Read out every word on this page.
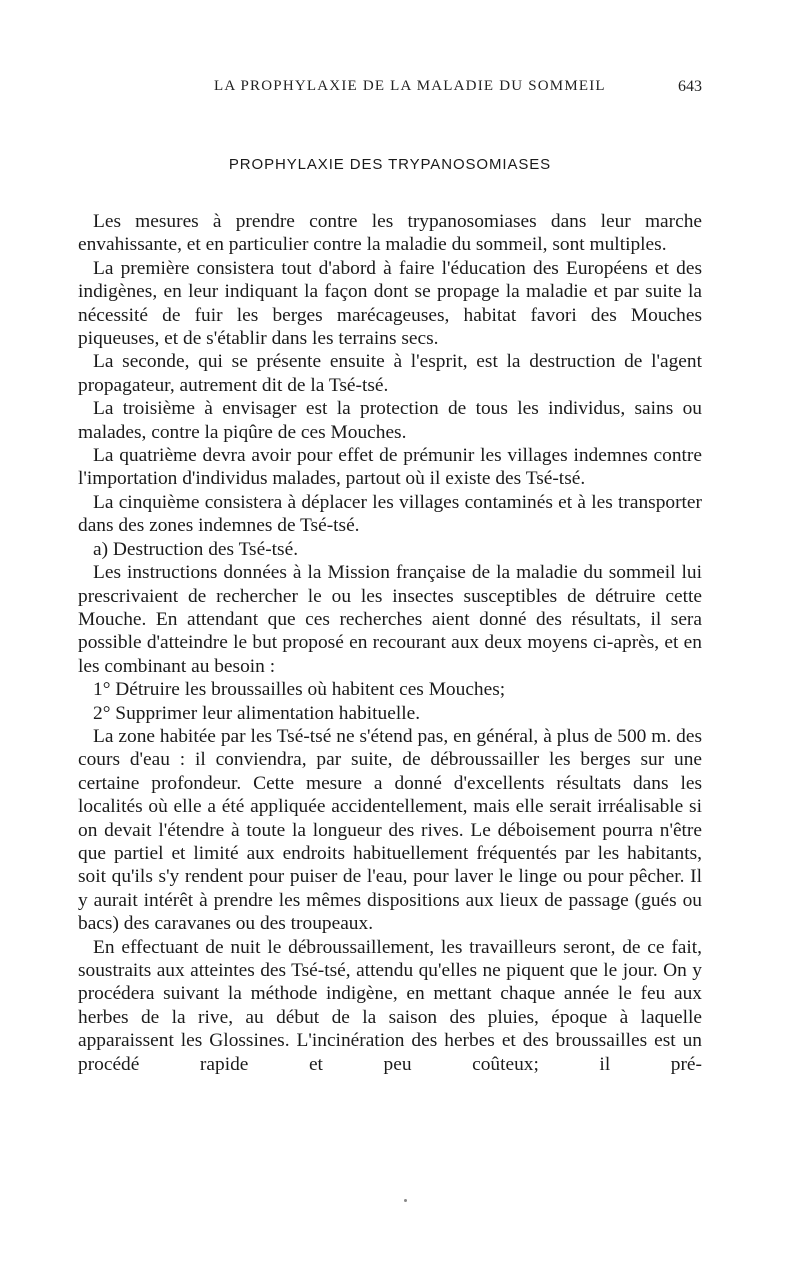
LA PROPHYLAXIE DE LA MALADIE DU SOMMEIL	643
PROPHYLAXIE DES TRYPANOSOMIASES

Les mesures à prendre contre les trypanosomiases dans leur marche envahissante, et en particulier contre la maladie du sommeil, sont multiples.

La première consistera tout d'abord à faire l'éducation des Européens et des indigènes, en leur indiquant la façon dont se propage la maladie et par suite la nécessité de fuir les berges marécageuses, habitat favori des Mouches piqueuses, et de s'établir dans les terrains secs.

La seconde, qui se présente ensuite à l'esprit, est la destruction de l'agent propagateur, autrement dit de la Tsé-tsé.

La troisième à envisager est la protection de tous les individus, sains ou malades, contre la piqûre de ces Mouches.

La quatrième devra avoir pour effet de prémunir les villages indemnes contre l'importation d'individus malades, partout où il existe des Tsé-tsé.

La cinquième consistera à déplacer les villages contaminés et à les transporter dans des zones indemnes de Tsé-tsé.

a) Destruction des Tsé-tsé.

Les instructions données à la Mission française de la maladie du sommeil lui prescrivaient de rechercher le ou les insectes susceptibles de détruire cette Mouche. En attendant que ces recherches aient donné des résultats, il sera possible d'atteindre le but proposé en recourant aux deux moyens ci-après, et en les combinant au besoin :

1° Détruire les broussailles où habitent ces Mouches;

2° Supprimer leur alimentation habituelle.

La zone habitée par les Tsé-tsé ne s'étend pas, en général, à plus de 500 m. des cours d'eau : il conviendra, par suite, de débroussailler les berges sur une certaine profondeur. Cette mesure a donné d'excellents résultats dans les localités où elle a été appliquée accidentellement, mais elle serait irréalisable si on devait l'étendre à toute la longueur des rives. Le déboisement pourra n'être que partiel et limité aux endroits habituellement fréquentés par les habitants, soit qu'ils s'y rendent pour puiser de l'eau, pour laver le linge ou pour pêcher. Il y aurait intérêt à prendre les mêmes dispositions aux lieux de passage (gués ou bacs) des caravanes ou des troupeaux.

En effectuant de nuit le débroussaillement, les travailleurs seront, de ce fait, soustraits aux atteintes des Tsé-tsé, attendu qu'elles ne piquent que le jour. On y procédera suivant la méthode indigène, en mettant chaque année le feu aux herbes de la rive, au début de la saison des pluies, époque à laquelle apparaissent les Glossines. L'incinération des herbes et des broussailles est un procédé rapide et peu coûteux; il pré-
